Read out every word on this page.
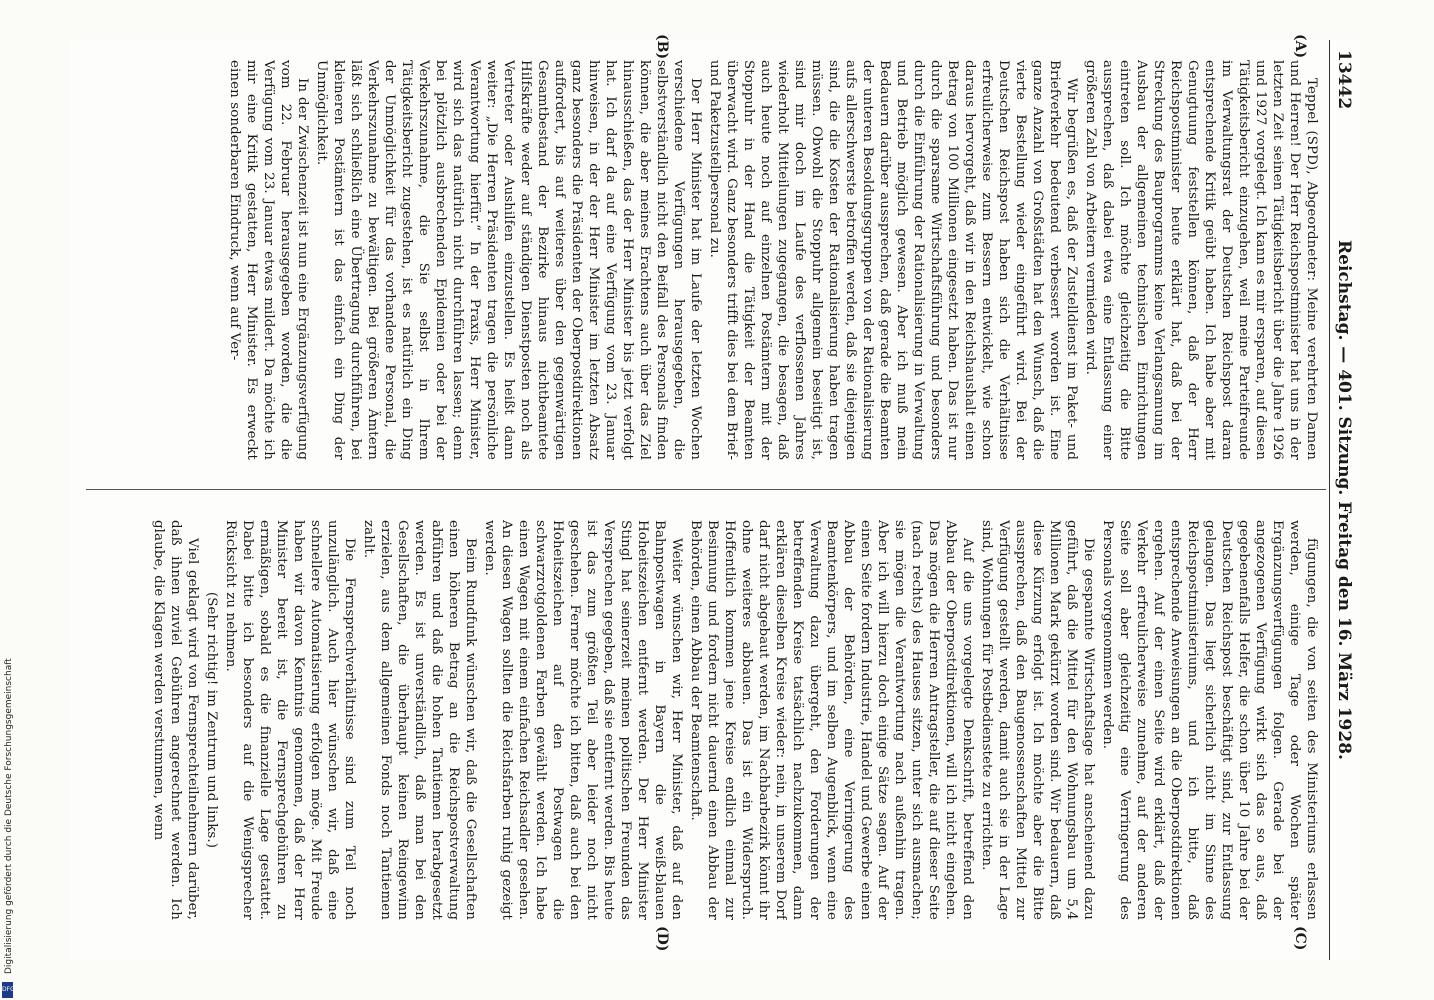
13442
Reichstag. — 401. Sitzung. Freitag den 16. März 1928.
(A)
(B)
(C)
(D)

Teppel (SPD), Abgeordneter: Meine verehrten Damen und Herren! Der Herr Reichspostminister hat uns in der letzten Zeit seinen Tätigkeitsbericht über die Jahre 1926 und 1927 vorgelegt. Ich kann es mir ersparen, auf diesen Tätigkeitsbericht einzugehen, weil meine Parteifreunde im Verwaltungsrat der Deutschen Reichspost daran entsprechende Kritik geübt haben. Ich habe aber mit Genugtuung feststellen können, daß der Herr Reichspostminister heute erklärt hat, daß bei der Streckung des Bauprogramms keine Verlangsamung im Ausbau der allgemeinen technischen Einrichtungen eintreten soll. Ich möchte gleichzeitig die Bitte aussprechen, daß dabei etwa eine Entlassung einer größeren Zahl von Arbeitern vermieden wird.

Wir begrüßen es, daß der Zustelldienst im Paket- und Briefverkehr bedeutend verbessert worden ist. Eine ganze Anzahl von Großstädten hat den Wunsch, daß die vierte Bestellung wieder eingeführt wird. Bei der Deutschen Reichspost haben sich die Verhältnisse erfreulicherweise zum Bessern entwickelt, wie schon daraus hervorgeht, daß wir in den Reichshaushalt einen Betrag von 100 Millionen eingesetzt haben. Das ist nur durch die sparsame Wirtschaftsführung und besonders durch die Einführung der Rationalisierung in Verwaltung und Betrieb möglich gewesen. Aber ich muß mein Bedauern darüber aussprechen, daß gerade die Beamten der unteren Besoldungsgruppen von der Rationalisierung aufs allerschwerste betroffen werden, daß sie diejenigen sind, die die Kosten der Rationalisierung haben tragen müssen. Obwohl die Stoppuhr allgemein beseitigt ist, sind mir doch im Laufe des verflossenen Jahres wiederholt Mitteilungen zugegangen, die besagen, daß auch heute noch auf einzelnen Postämtern mit der Stoppuhr in der Hand die Tätigkeit der Beamten überwacht wird. Ganz besonders trifft dies bei dem Brief- und Paketzustellpersonal zu.

Der Herr Minister hat im Laufe der letzten Wochen verschiedene Verfügungen herausgegeben, die selbstverständlich nicht den Beifall des Personals finden können, die aber meines Erachtens auch über das Ziel hinausschießen, das der Herr Minister bis jetzt verfolgt hat. Ich darf da auf eine Verfügung vom 23. Januar hinweisen, in der der Herr Minister im letzten Absatz ganz besonders die Präsidenten der Oberpostdirektionen auffordert, bis auf weiteres über den gegenwärtigen Gesamtbestand der Bezirke hinaus nichtbeamtete Hilfskräfte weder auf ständigen Dienstposten noch als Vertreter oder Aushilfen einzustellen. Es heißt dann weiter: „Die Herren Präsidenten tragen die persönliche Verantwortung hierfür.“ In der Praxis, Herr Minister, wird sich das natürlich nicht durchführen lassen; denn bei plötzlich ausbrechenden Epidemien oder bei der Verkehrszunahme, die Sie selbst in Ihrem Tätigkeitsbericht zugestehen, ist es natürlich ein Ding der Unmöglichkeit für das vorhandene Personal, die Verkehrszunahme zu bewältigen. Bei größeren Ämtern läßt sich schließlich eine Übertragung durchführen, bei kleineren Postämtern ist das einfach ein Ding der Unmöglichkeit.

In der Zwischenzeit ist nun eine Ergänzungsverfügung vom 22. Februar herausgegeben worden, die die Verfügung vom 23. Januar etwas mildert. Da möchte ich mir eine Kritik gestatten, Herr Minister. Es erweckt einen sonderbaren Eindruck, wenn auf Ver-

fügungen, die von seiten des Ministeriums erlassen werden, einige Tage oder Wochen später Ergänzungsverfügungen folgen. Gerade bei der angezogenen Verfügung wirkt sich das so aus, daß gegebenenfalls Helfer, die schon über 10 Jahre bei der Deutschen Reichspost beschäftigt sind, zur Entlassung gelangen. Das liegt sicherlich nicht im Sinne des Reichspostministeriums, und ich bitte, daß entsprechende Anweisungen an die Oberpostdirektionen ergehen. Auf der einen Seite wird erklärt, daß der Verkehr erfreulicherweise zunehme, auf der anderen Seite soll aber gleichzeitig eine Verringerung des Personals vorgenommen werden.

Die gespannte Wirtschaftslage hat anscheinend dazu geführt, daß die Mittel für den Wohnungsbau um 5,4 Millionen Mark gekürzt worden sind. Wir bedauern, daß diese Kürzung erfolgt ist. Ich möchte aber die Bitte aussprechen, daß den Baugenossenschaften Mittel zur Verfügung gestellt werden, damit auch sie in der Lage sind, Wohnungen für Postbedienstete zu errichten.

Auf die uns vorgelegte Denkschrift, betreffend den Abbau der Oberpostdirektionen, will ich nicht eingehen. Das mögen die Herren Antragsteller, die auf dieser Seite (nach rechts) des Hauses sitzen, unter sich ausmachen; sie mögen die Verantwortung nach außenhin tragen. Aber ich will hierzu doch einige Sätze sagen. Auf der einen Seite fordern Industrie, Handel und Gewerbe einen Abbau der Behörden, eine Verringerung des Beamtenkörpers, und im selben Augenblick, wenn eine Verwaltung dazu übergeht, den Forderungen der betreffenden Kreise tatsächlich nachzukommen, dann erklären dieselben Kreise wieder: nein, in unserem Dorf darf nicht abgebaut werden, im Nachbarbezirk könnt ihr ohne weiteres abbauen. Das ist ein Widerspruch. Hoffentlich kommen jene Kreise endlich einmal zur Besinnung und fordern nicht dauernd einen Abbau der Behörden, einen Abbau der Beamtenschaft.

Weiter wünschen wir, Herr Minister, daß auf den Bahnpostwagen in Bayern die weiß-blauen Hoheitszeichen entfernt werden. Der Herr Minister Stingl hat seinerzeit meinen politischen Freunden das Versprechen gegeben, daß sie entfernt werden. Bis heute ist das zum größten Teil aber leider noch nicht geschehen. Ferner möchte ich bitten, daß auch bei den Hoheitszeichen auf den Postwagen die schwarzrotgoldenen Farben gewählt werden. Ich habe einen Wagen mit einem einfachen Reichsadler gesehen. An diesen Wagen sollten die Reichsfarben ruhig gezeigt werden.

Beim Rundfunk wünschen wir, daß die Gesellschaften einen höheren Betrag an die Reichspostverwaltung abführen und daß die hohen Tantiemen herabgesetzt werden. Es ist unverständlich, daß man bei den Gesellschaften, die überhaupt keinen Reingewinn erzielen, aus dem allgemeinen Fonds noch Tantiemen zahlt.

Die Fernsprechverhältnisse sind zum Teil noch unzulänglich. Auch hier wünschen wir, daß eine schnellere Automatisierung erfolgen möge. Mit Freude haben wir davon Kenntnis genommen, daß der Herr Minister bereit ist, die Fernsprechgebühren zu ermäßigen, sobald es die finanzielle Lage gestattet. Dabei bitte ich besonders auf die Wenigsprecher Rücksicht zu nehmen.

(Sehr richtig! im Zentrum und links.)

Viel geklagt wird von Fernsprechteilnehmern darüber, daß ihnen zuviel Gebühren angerechnet werden. Ich glaube, die Klagen werden verstummen, wenn

Digitalisierung gefördert durch die Deutsche Forschungsgemeinschaft
DFG
